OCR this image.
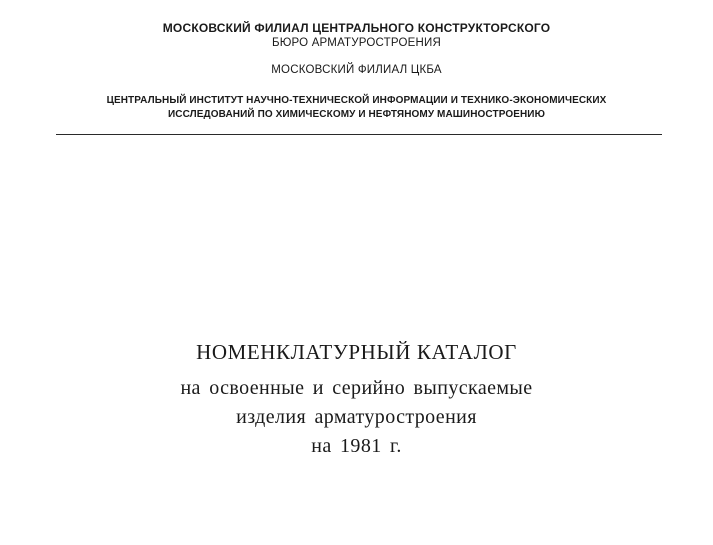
МОСКОВСКИЙ ФИЛИАЛ ЦЕНТРАЛЬНОГО КОНСТРУКТОРСКОГО

БЮРО АРМАТУРОСТРОЕНИЯ

МОСКОВСКИЙ ФИЛИАЛ ЦКБА

ЦЕНТРАЛЬНЫЙ ИНСТИТУТ НАУЧНО-ТЕХНИЧЕСКОЙ ИНФОРМАЦИИ И ТЕХНИКО-ЭКОНОМИЧЕСКИХ

ИССЛЕДОВАНИЙ ПО ХИМИЧЕСКОМУ И НЕФТЯНОМУ МАШИНОСТРОЕНИЮ

НОМЕНКЛАТУРНЫЙ КАТАЛОГ

на освоенные и серийно выпускаемые

изделия арматуростроения

на 1981 г.
